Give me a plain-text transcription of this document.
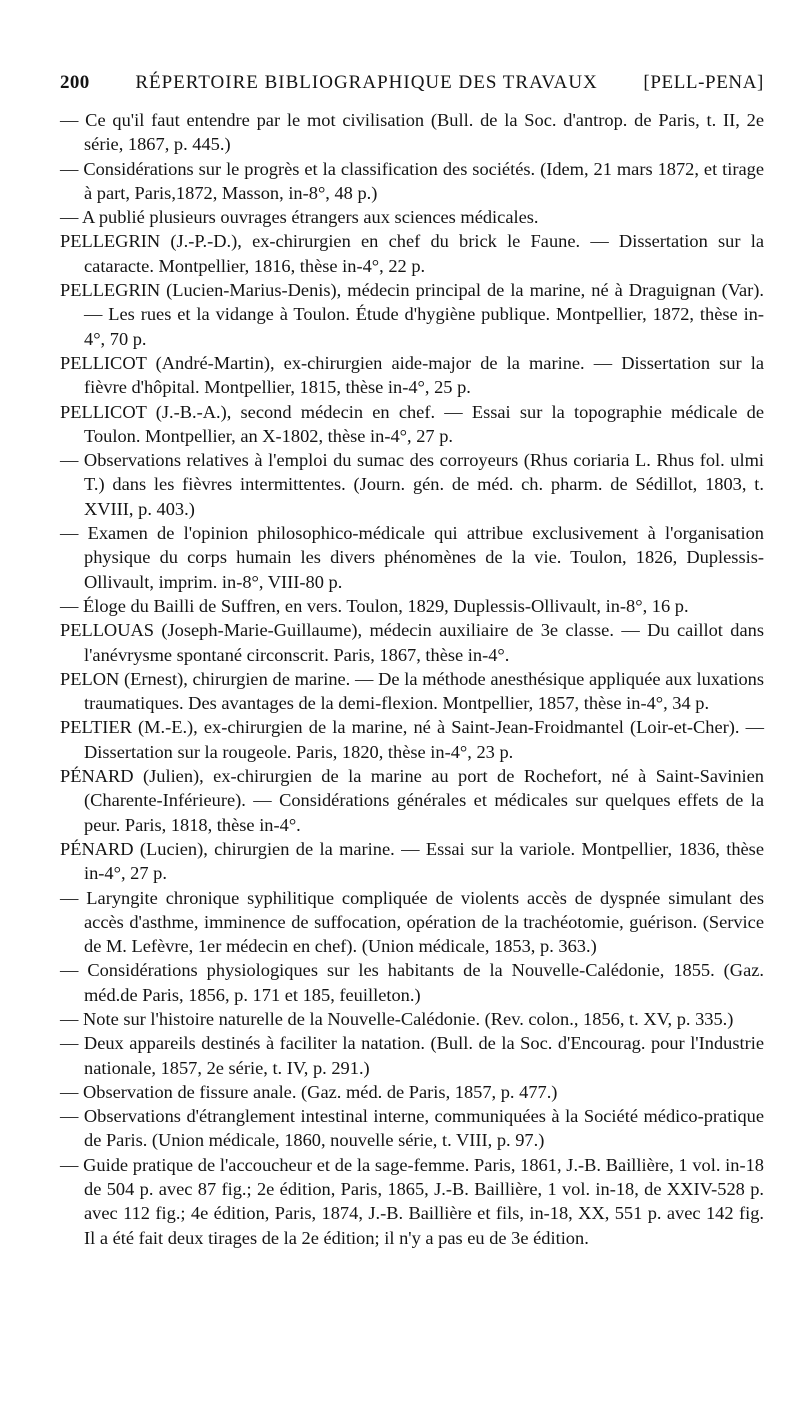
200	RÉPERTOIRE BIBLIOGRAPHIQUE DES TRAVAUX	[PELL-PENA]

— Ce qu'il faut entendre par le mot civilisation (Bull. de la Soc. d'antrop. de Paris, t. II, 2e série, 1867, p. 445.)

— Considérations sur le progrès et la classification des sociétés. (Idem, 21 mars 1872, et tirage à part, Paris,1872, Masson, in-8°, 48 p.)

— A publié plusieurs ouvrages étrangers aux sciences médicales.

PELLEGRIN (J.-P.-D.), ex-chirurgien en chef du brick le Faune. — Dissertation sur la cataracte. Montpellier, 1816, thèse in-4°, 22 p.

PELLEGRIN (Lucien-Marius-Denis), médecin principal de la marine, né à Draguignan (Var). — Les rues et la vidange à Toulon. Étude d'hygiène publique. Montpellier, 1872, thèse in-4°, 70 p.

PELLICOT (André-Martin), ex-chirurgien aide-major de la marine. — Dissertation sur la fièvre d'hôpital. Montpellier, 1815, thèse in-4°, 25 p.

PELLICOT (J.-B.-A.), second médecin en chef. — Essai sur la topographie médicale de Toulon. Montpellier, an X-1802, thèse in-4°, 27 p.

— Observations relatives à l'emploi du sumac des corroyeurs (Rhus coriaria L. Rhus fol. ulmi T.) dans les fièvres intermittentes. (Journ. gén. de méd. ch. pharm. de Sédillot, 1803, t. XVIII, p. 403.)

— Examen de l'opinion philosophico-médicale qui attribue exclusivement à l'organisation physique du corps humain les divers phénomènes de la vie. Toulon, 1826, Duplessis-Ollivault, imprim. in-8°, VIII-80 p.

— Éloge du Bailli de Suffren, en vers. Toulon, 1829, Duplessis-Ollivault, in-8°, 16 p.

PELLOUAS (Joseph-Marie-Guillaume), médecin auxiliaire de 3e classe. — Du caillot dans l'anévrysme spontané circonscrit. Paris, 1867, thèse in-4°.

PELON (Ernest), chirurgien de marine. — De la méthode anesthésique appliquée aux luxations traumatiques. Des avantages de la demi-flexion. Montpellier, 1857, thèse in-4°, 34 p.

PELTIER (M.-E.), ex-chirurgien de la marine, né à Saint-Jean-Froidmantel (Loir-et-Cher). — Dissertation sur la rougeole. Paris, 1820, thèse in-4°, 23 p.

PÉNARD (Julien), ex-chirurgien de la marine au port de Rochefort, né à Saint-Savinien (Charente-Inférieure). — Considérations générales et médicales sur quelques effets de la peur. Paris, 1818, thèse in-4°.

PÉNARD (Lucien), chirurgien de la marine. — Essai sur la variole. Montpellier, 1836, thèse in-4°, 27 p.

— Laryngite chronique syphilitique compliquée de violents accès de dyspnée simulant des accès d'asthme, imminence de suffocation, opération de la trachéotomie, guérison. (Service de M. Lefèvre, 1er médecin en chef). (Union médicale, 1853, p. 363.)

— Considérations physiologiques sur les habitants de la Nouvelle-Calédonie, 1855. (Gaz. méd.de Paris, 1856, p. 171 et 185, feuilleton.)

— Note sur l'histoire naturelle de la Nouvelle-Calédonie. (Rev. colon., 1856, t. XV, p. 335.)

— Deux appareils destinés à faciliter la natation. (Bull. de la Soc. d'Encourag. pour l'Industrie nationale, 1857, 2e série, t. IV, p. 291.)

— Observation de fissure anale. (Gaz. méd. de Paris, 1857, p. 477.)

— Observations d'étranglement intestinal interne, communiquées à la Société médico-pratique de Paris. (Union médicale, 1860, nouvelle série, t. VIII, p. 97.)

— Guide pratique de l'accoucheur et de la sage-femme. Paris, 1861, J.-B. Baillière, 1 vol. in-18 de 504 p. avec 87 fig.; 2e édition, Paris, 1865, J.-B. Baillière, 1 vol. in-18, de XXIV-528 p. avec 112 fig.; 4e édition, Paris, 1874, J.-B. Baillière et fils, in-18, XX, 551 p. avec 142 fig. Il a été fait deux tirages de la 2e édition; il n'y a pas eu de 3e édition.
